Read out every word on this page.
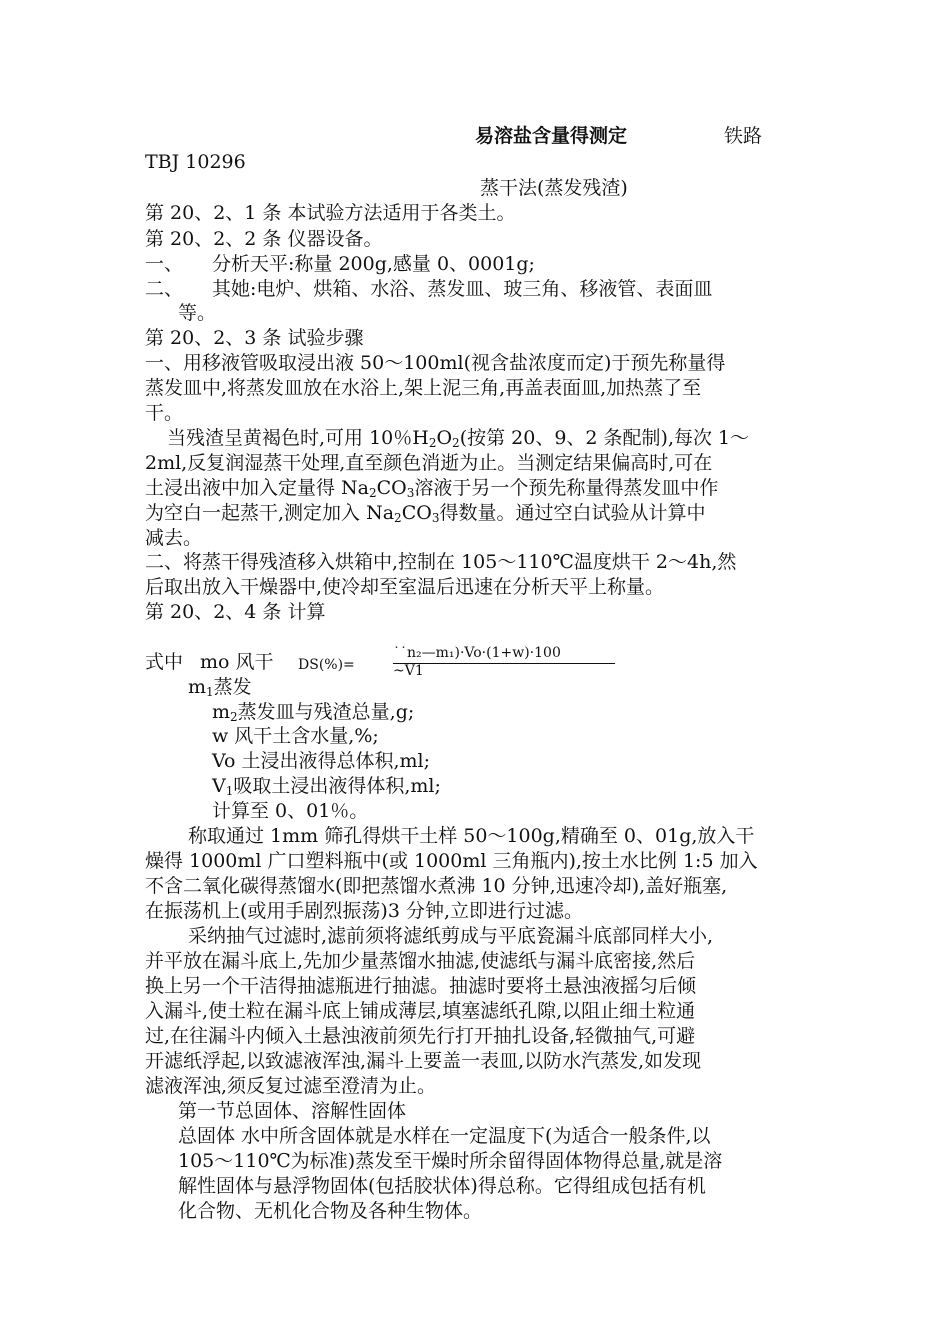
易溶盐含量得测定	铁路
TBJ 10296
蒸干法(蒸发残渣)
第 20、2、1 条 本试验方法适用于各类土。
第 20、2、2 条 仪器设备。
一、 分析天平:称量 200g,感量 0、0001g;
二、 其她:电炉、烘箱、水浴、蒸发皿、玻三角、移液管、表面皿
等。
第 20、2、3 条 试验步骤
一、用移液管吸取浸出液 50～100ml(视含盐浓度而定)于预先称量得
蒸发皿中,将蒸发皿放在水浴上,架上泥三角,再盖表面皿,加热蒸了至
干。
当残渣呈黄褐色时,可用 10％$H_2O_2$(按第 20、9、2 条配制),每次 1～
2ml,反复润湿蒸干处理,直至颜色消逝为止。当测定结果偏高时,可在
土浸出液中加入定量得 $Na_2CO_3$溶液于另一个预先称量得蒸发皿中作
为空白一起蒸干,测定加入 $Na_2CO_3$得数量。通过空白试验从计算中
减去。
二、将蒸干得残渣移入烘箱中,控制在 105～110℃温度烘干 2～4h,然
后取出放入干燥器中,使冷却至室温后迅速在分析天平上称量。
第 20、2、4 条 计算
˙˙n₂—m₁)·Vo·(1+w)·100
~V1
式中 mo 风干 DS(%)=
$m_1$蒸发
$m_2$蒸发皿与残渣总量,g;
w 风干土含水量,%;
Vo 土浸出液得总体积,ml;
$V_1$吸取土浸出液得体积,ml;
计算至 0、01％。
称取通过 1mm 筛孔得烘干土样 50～100g,精确至 0、01g,放入干
燥得 1000ml 广口塑料瓶中(或 1000ml 三角瓶内),按土水比例 1:5 加入
不含二氧化碳得蒸馏水(即把蒸馏水煮沸 10 分钟,迅速冷却),盖好瓶塞,
在振荡机上(或用手剧烈振荡)3 分钟,立即进行过滤。
采纳抽气过滤时,滤前须将滤纸剪成与平底瓷漏斗底部同样大小,
并平放在漏斗底上,先加少量蒸馏水抽滤,使滤纸与漏斗底密接,然后
换上另一个干洁得抽滤瓶进行抽滤。抽滤时要将土悬浊液摇匀后倾
入漏斗,使土粒在漏斗底上铺成薄层,填塞滤纸孔隙,以阻止细土粒通
过,在往漏斗内倾入土悬浊液前须先行打开抽扎设备,轻微抽气,可避
开滤纸浮起,以致滤液浑浊,漏斗上要盖一表皿,以防水汽蒸发,如发现
滤液浑浊,须反复过滤至澄清为止。
第一节总固体、溶解性固体
总固体 水中所含固体就是水样在一定温度下(为适合一般条件,以
105～110℃为标准)蒸发至干燥时所余留得固体物得总量,就是溶
解性固体与悬浮物固体(包括胶状体)得总称。它得组成包括有机
化合物、无机化合物及各种生物体。
